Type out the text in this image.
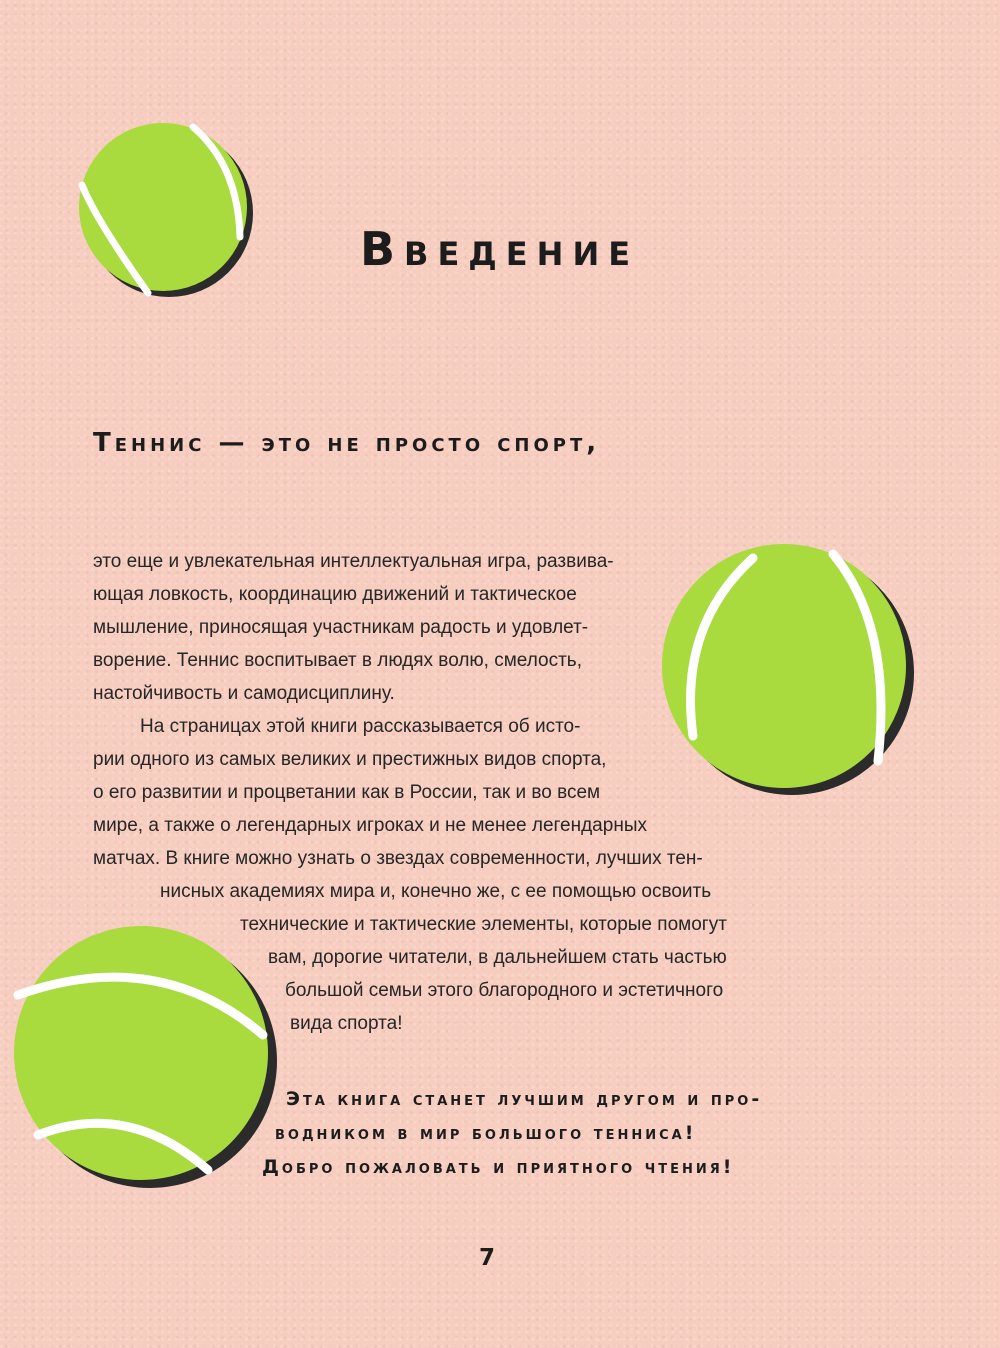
Введение
Теннис — это не просто спорт,

это еще и увлекательная интеллектуальная игра, развива-

ющая ловкость, координацию движений и тактическое

мышление, приносящая участникам радость и удовлет-

ворение. Теннис воспитывает в людях волю, смелость,

настойчивость и самодисциплину.

На страницах этой книги рассказывается об исто-

рии одного из самых великих и престижных видов спорта,

о его развитии и процветании как в России, так и во всем

мире, а также о легендарных игроках и не менее легендарных

матчах. В книге можно узнать о звездах современности, лучших тен-

нисных академиях мира и, конечно же, с ее помощью освоить

технические и тактические элементы, которые помогут

вам, дорогие читатели, в дальнейшем стать частью

большой семьи этого благородного и эстетичного

вида спорта!

Эта книга станет лучшим другом и про-

водником в мир большого тенниса!

Добро пожаловать и приятного чтения!

7
